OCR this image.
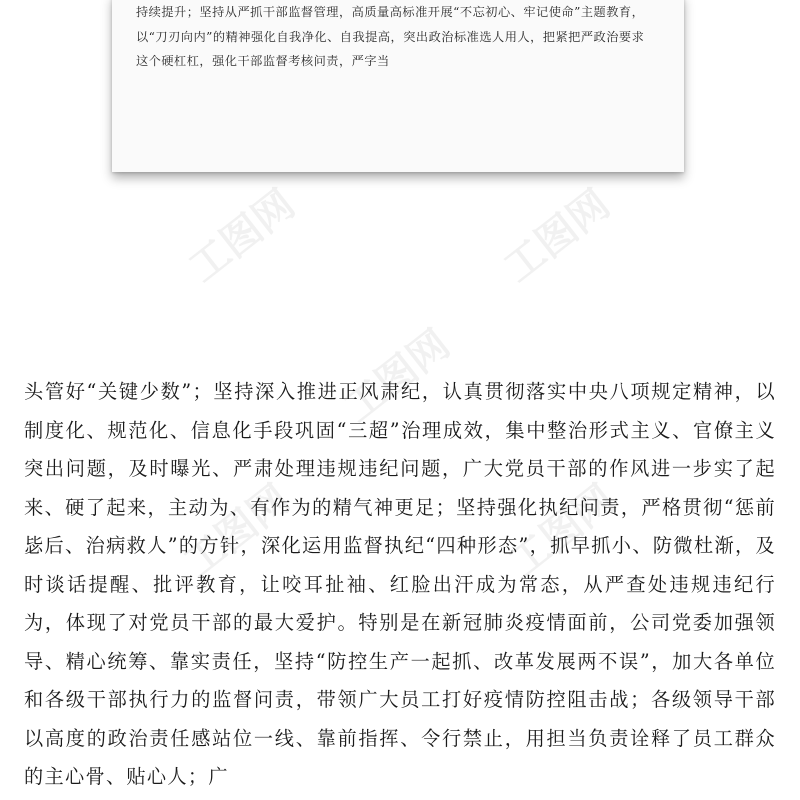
持续提升；坚持从严抓干部监督管理，高质量高标准开展“不忘初心、牢记使命”主题教育，以“刀刃向内”的精神强化自我净化、自我提高，突出政治标准选人用人，把紧把严政治要求这个硬杠杠，强化干部监督考核问责，严字当

工图网	工图网
工图网
工图网	工图网

头管好“关键少数”；坚持深入推进正风肃纪，认真贯彻落实中央八项规定精神，以制度化、规范化、信息化手段巩固“三超”治理成效，集中整治形式主义、官僚主义突出问题，及时曝光、严肃处理违规违纪问题，广大党员干部的作风进一步实了起来、硬了起来，主动为、有作为的精气神更足；坚持强化执纪问责，严格贯彻“惩前毖后、治病救人”的方针，深化运用监督执纪“四种形态”，抓早抓小、防微杜渐，及时谈话提醒、批评教育，让咬耳扯袖、红脸出汗成为常态，从严查处违规违纪行为，体现了对党员干部的最大爱护。特别是在新冠肺炎疫情面前，公司党委加强领导、精心统筹、靠实责任，坚持“防控生产一起抓、改革发展两不误”，加大各单位和各级干部执行力的监督问责，带领广大员工打好疫情防控阻击战；各级领导干部以高度的政治责任感站位一线、靠前指挥、令行禁止，用担当负责诠释了员工群众的主心骨、贴心人；广
